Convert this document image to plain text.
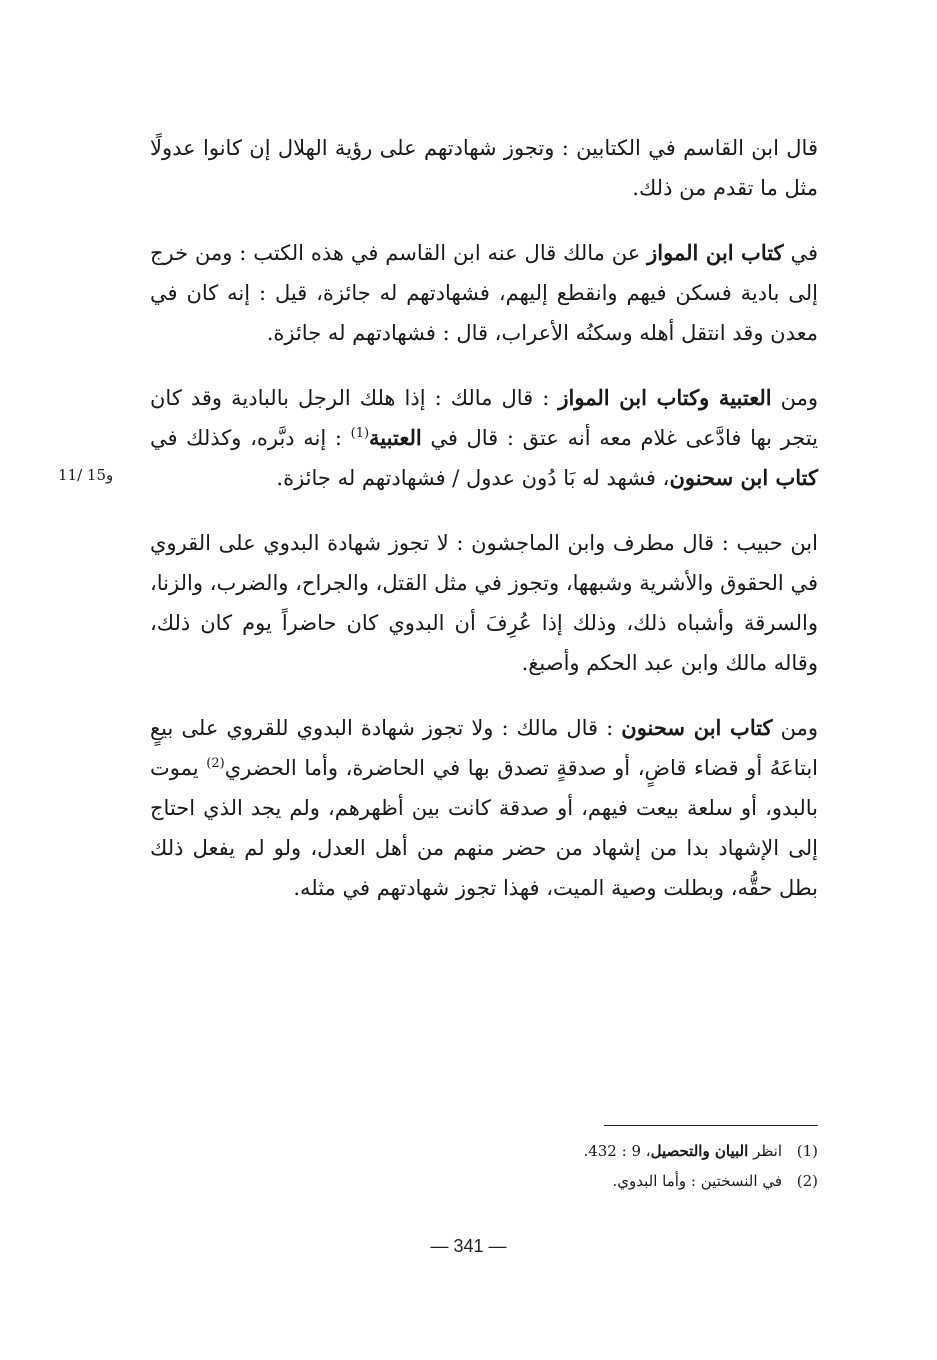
قال ابن القاسم في الكتابين : وتجوز شهادتهم على رؤية الهلال إن كانوا عدولًا مثل ما تقدم من ذلك.

في كتاب ابن المواز عن مالك قال عنه ابن القاسم في هذه الكتب : ومن خرج إلى بادية فسكن فيهم وانقطع إليهم، فشهادتهم له جائزة، قيل : إنه كان في معدن وقد انتقل أهله وسكنُه الأعراب، قال : فشهادتهم له جائزة.

ومن العتبية وكتاب ابن المواز : قال مالك : إذا هلك الرجل بالبادية وقد كان يتجر بها فادَّعى غلام معه أنه عتق : قال في العتبية$^{(1)}$ : إنه دبَّره، وكذلك في كتاب ابن سحنون، فشهد له بَا دُون عدول / فشهادتهم له جائزة.

ابن حبيب : قال مطرف وابن الماجشون : لا تجوز شهادة البدوي على القروي في الحقوق والأشرية وشبهها، وتجوز في مثل القتل، والجراح، والضرب، والزنا، والسرقة وأشباه ذلك، وذلك إذا عُرِفَ أن البدوي كان حاضراً يوم كان ذلك، وقاله مالك وابن عبد الحكم وأصبغ.

ومن كتاب ابن سحنون : قال مالك : ولا تجوز شهادة البدوي للقروي على بيعٍ ابتاعَهُ أو قضاء قاضٍ، أو صدقةٍ تصدق بها في الحاضرة، وأما الحضري$^{(2)}$ يموت بالبدو، أو سلعة بيعت فيهم، أو صدقة كانت بين أظهرهم، ولم يجد الذي احتاج إلى الإشهاد بدا من إشهاد من حضر منهم من أهل العدل، ولو لم يفعل ذلك بطل حقُّه، وبطلت وصية الميت، فهذا تجوز شهادتهم في مثله.

11/ 15و
(1)انظر البيان والتحصيل، 9 : 432.
(2)في النسختين : وأما البدوي.
— 341 —
